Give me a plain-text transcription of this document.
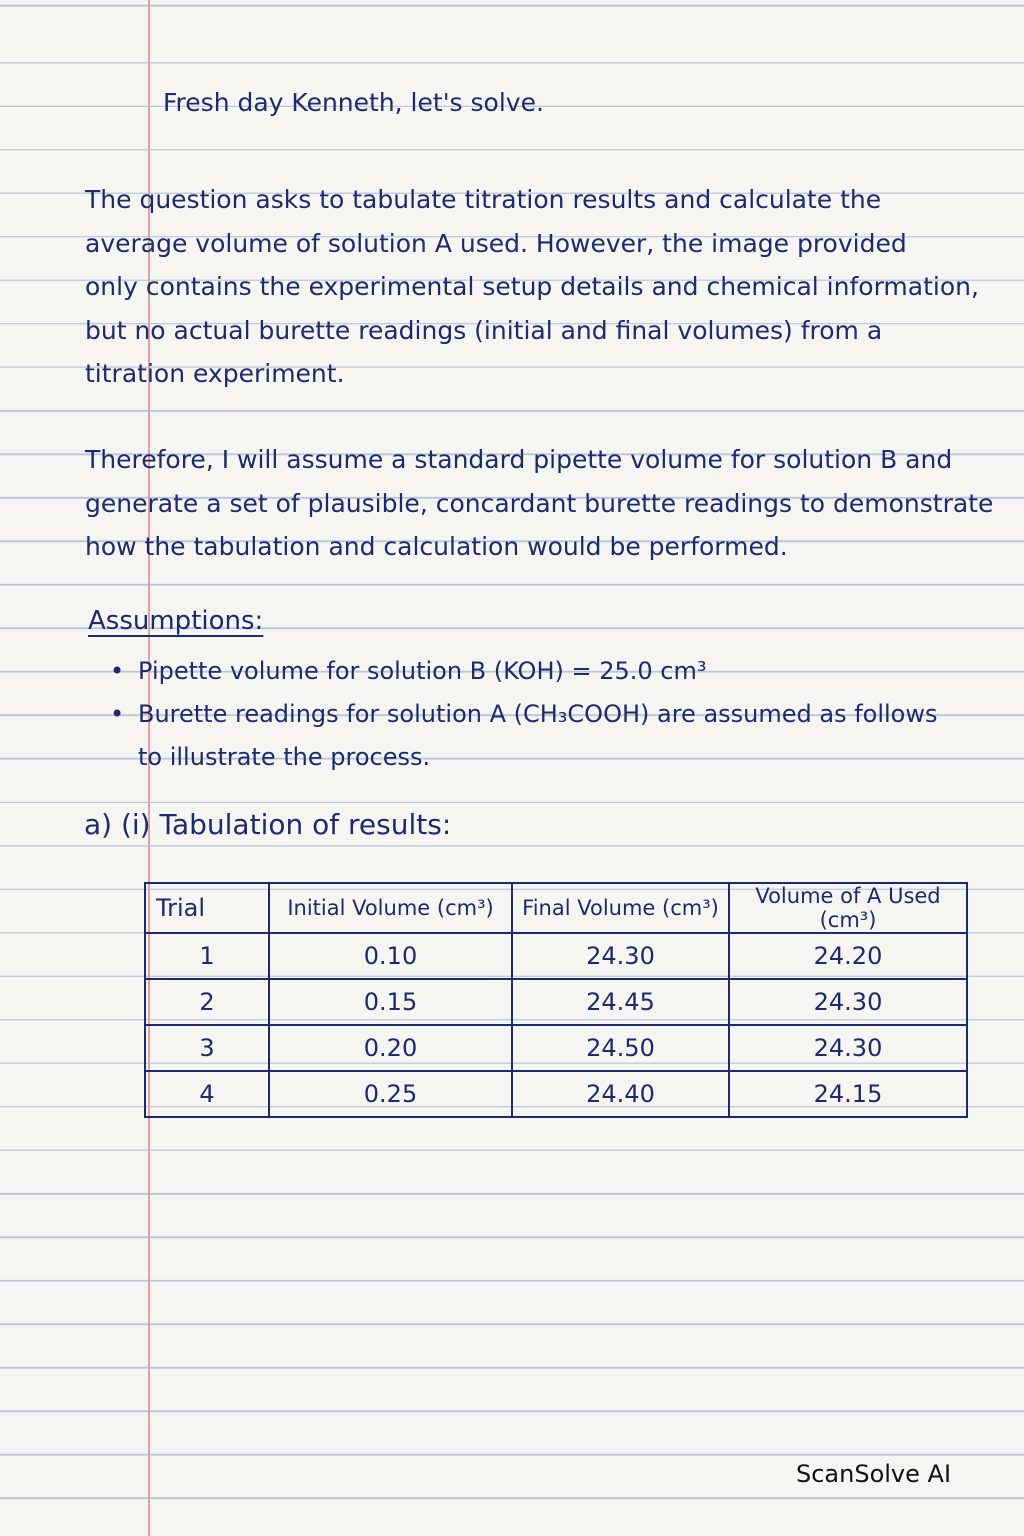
Fresh day Kenneth, let's solve.
The question asks to tabulate titration results and calculate the
average volume of solution A used. However, the image provided
only contains the experimental setup details and chemical information,
but no actual burette readings (initial and final volumes) from a
titration experiment.
Therefore, I will assume a standard pipette volume for solution B and
generate a set of plausible, concardant burette readings to demonstrate
how the tabulation and calculation would be performed.
Assumptions:
• Pipette volume for solution B (KOH) = 25.0 cm³
• Burette readings for solution A (CH₃COOH) are assumed as follows
to illustrate the process.
a) (i) Tabulation of results:
Trial	Initial Volume (cm³)	Final Volume (cm³)	Volume of A Used (cm³)
1	0.10	24.30	24.20
2	0.15	24.45	24.30
3	0.20	24.50	24.30
4	0.25	24.40	24.15
ScanSolve AI
